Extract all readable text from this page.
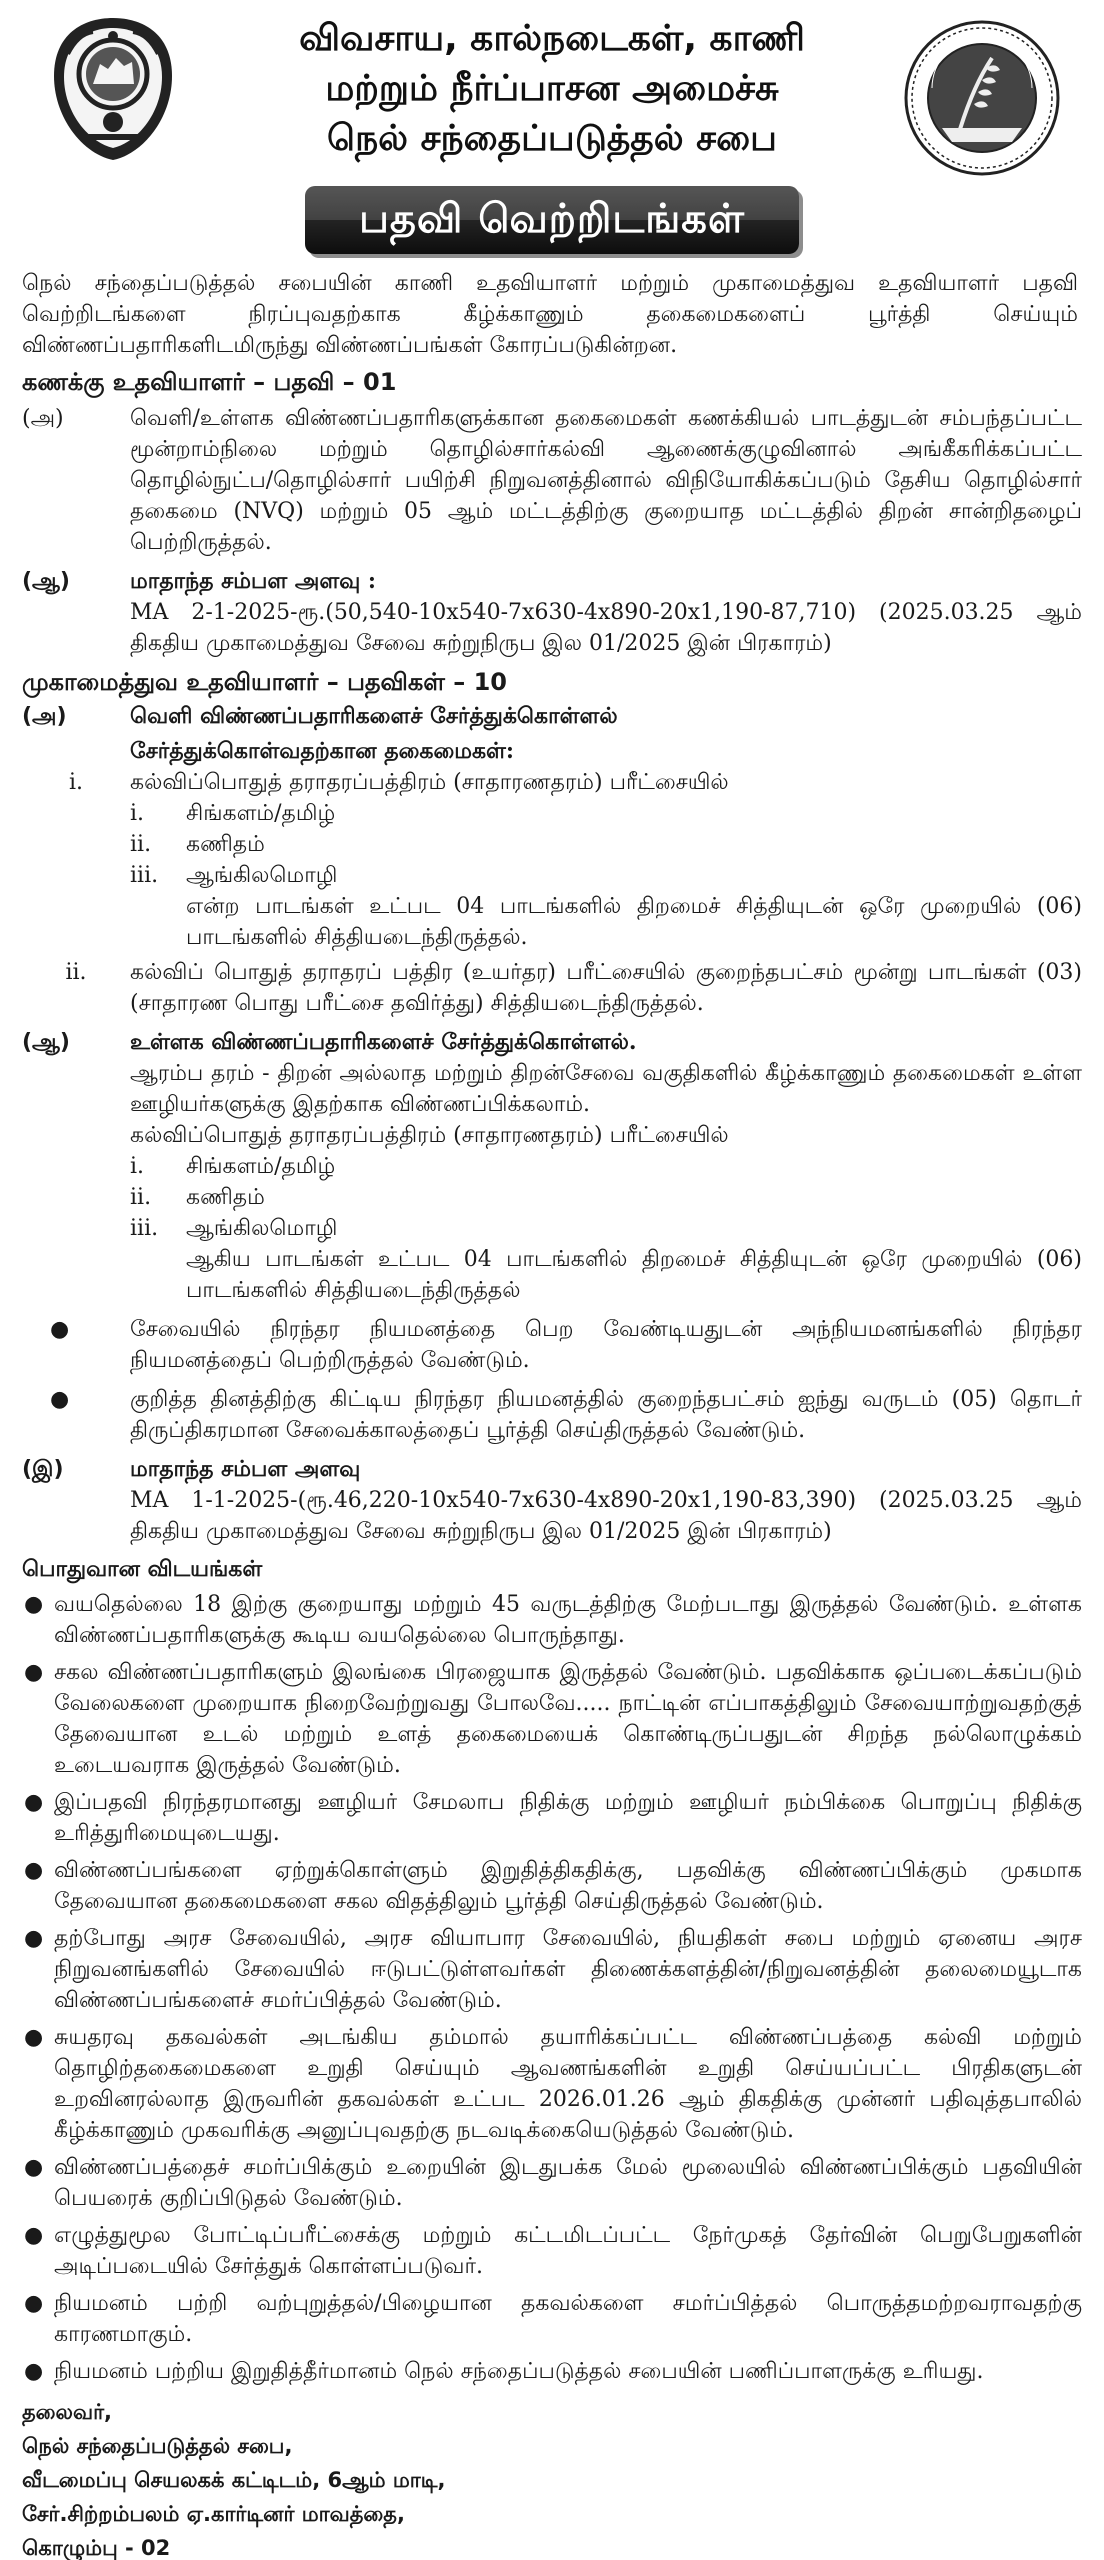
விவசாய, கால்நடைகள், காணி
மற்றும் நீர்ப்பாசன அமைச்சு
நெல் சந்தைப்படுத்தல் சபை
பதவி வெற்றிடங்கள்

நெல் சந்தைப்படுத்தல் சபையின் காணி உதவியாளர் மற்றும் முகாமைத்துவ உதவியாளர் பதவி வெற்றிடங்களை நிரப்புவதற்காக கீழ்க்காணும் தகைமைகளைப் பூர்த்தி செய்யும் விண்ணப்பதாரிகளிடமிருந்து விண்ணப்பங்கள் கோரப்படுகின்றன.

கணக்கு உதவியாளர் – பதவி – 01
(அ)	வெளி/உள்ளக விண்ணப்பதாரிகளுக்கான தகைமைகள் கணக்கியல் பாடத்துடன் சம்பந்தப்பட்ட மூன்றாம்நிலை மற்றும் தொழில்சார்கல்வி ஆணைக்குழுவினால் அங்கீகரிக்கப்பட்ட தொழில்நுட்ப/தொழில்சார் பயிற்சி நிறுவனத்தினால் விநியோகிக்கப்படும் தேசிய தொழில்சார் தகைமை (NVQ) மற்றும் 05 ஆம் மட்டத்திற்கு குறையாத மட்டத்தில் திறன் சான்றிதழைப் பெற்றிருத்தல்.

(ஆ)	மாதாந்த சம்பள அளவு :

MA 2-1-2025-ரூ.(50,540-10x540-7x630-4x890-20x1,190-87,710) (2025.03.25 ஆம் திகதிய முகாமைத்துவ சேவை சுற்றுநிருப இல 01/2025 இன் பிரகாரம்)

முகாமைத்துவ உதவியாளர் – பதவிகள் – 10
(அ)	வெளி விண்ணப்பதாரிகளைச் சேர்த்துக்கொள்ளல்
சேர்த்துக்கொள்வதற்கான தகைமைகள்:
i.	கல்விப்பொதுத் தராதரப்பத்திரம் (சாதாரணதரம்) பரீட்சையில்

i.	சிங்களம்/தமிழ்
ii.	கணிதம்
iii.	ஆங்கிலமொழி

என்ற பாடங்கள் உட்பட 04 பாடங்களில் திறமைச் சித்தியுடன் ஒரே முறையில் (06) பாடங்களில் சித்தியடைந்திருத்தல்.

ii.	கல்விப் பொதுத் தராதரப் பத்திர (உயர்தர) பரீட்சையில் குறைந்தபட்சம் மூன்று பாடங்கள் (03) (சாதாரண பொது பரீட்சை தவிர்த்து) சித்தியடைந்திருத்தல்.

(ஆ)	உள்ளக விண்ணப்பதாரிகளைச் சேர்த்துக்கொள்ளல்.

ஆரம்ப தரம் - திறன் அல்லாத மற்றும் திறன்சேவை வகுதிகளில் கீழ்க்காணும் தகைமைகள் உள்ள ஊழியர்களுக்கு இதற்காக விண்ணப்பிக்கலாம்.

கல்விப்பொதுத் தராதரப்பத்திரம் (சாதாரணதரம்) பரீட்சையில்

i.	சிங்களம்/தமிழ்
ii.	கணிதம்
iii.	ஆங்கிலமொழி

ஆகிய பாடங்கள் உட்பட 04 பாடங்களில் திறமைச் சித்தியுடன் ஒரே முறையில் (06) பாடங்களில் சித்தியடைந்திருத்தல்

●	சேவையில் நிரந்தர நியமனத்தை பெற வேண்டியதுடன் அந்நியமனங்களில் நிரந்தர நியமனத்தைப் பெற்றிருத்தல் வேண்டும்.

●	குறித்த தினத்திற்கு கிட்டிய நிரந்தர நியமனத்தில் குறைந்தபட்சம் ஐந்து வருடம் (05) தொடர் திருப்திகரமான சேவைக்காலத்தைப் பூர்த்தி செய்திருத்தல் வேண்டும்.

(இ)	மாதாந்த சம்பள அளவு

MA 1-1-2025-(ரூ.46,220-10x540-7x630-4x890-20x1,190-83,390) (2025.03.25 ஆம் திகதிய முகாமைத்துவ சேவை சுற்றுநிருப இல 01/2025 இன் பிரகாரம்)

பொதுவான விடயங்கள்
● வயதெல்லை 18 இற்கு குறையாது மற்றும் 45 வருடத்திற்கு மேற்படாது இருத்தல் வேண்டும். உள்ளக விண்ணப்பதாரிகளுக்கு கூடிய வயதெல்லை பொருந்தாது.

● சகல விண்ணப்பதாரிகளும் இலங்கை பிரஜையாக இருத்தல் வேண்டும். பதவிக்காக ஒப்படைக்கப்படும் வேலைகளை முறையாக நிறைவேற்றுவது போலவே..... நாட்டின் எப்பாகத்திலும் சேவையாற்றுவதற்குத் தேவையான உடல் மற்றும் உளத் தகைமையைக் கொண்டிருப்பதுடன் சிறந்த நல்லொழுக்கம் உடையவராக இருத்தல் வேண்டும்.

● இப்பதவி நிரந்தரமானது ஊழியர் சேமலாப நிதிக்கு மற்றும் ஊழியர் நம்பிக்கை பொறுப்பு நிதிக்கு உரித்துரிமையுடையது.

● விண்ணப்பங்களை ஏற்றுக்கொள்ளும் இறுதித்திகதிக்கு, பதவிக்கு விண்ணப்பிக்கும் முகமாக தேவையான தகைமைகளை சகல விதத்திலும் பூர்த்தி செய்திருத்தல் வேண்டும்.

● தற்போது அரச சேவையில், அரச வியாபார சேவையில், நியதிகள் சபை மற்றும் ஏனைய அரச நிறுவனங்களில் சேவையில் ஈடுபட்டுள்ளவர்கள் திணைக்களத்தின்/நிறுவனத்தின் தலைமையூடாக விண்ணப்பங்களைச் சமர்ப்பித்தல் வேண்டும்.

● சுயதரவு தகவல்கள் அடங்கிய தம்மால் தயாரிக்கப்பட்ட விண்ணப்பத்தை கல்வி மற்றும் தொழிற்தகைமைகளை உறுதி செய்யும் ஆவணங்களின் உறுதி செய்யப்பட்ட பிரதிகளுடன் உறவினரல்லாத இருவரின் தகவல்கள் உட்பட 2026.01.26 ஆம் திகதிக்கு முன்னர் பதிவுத்தபாலில் கீழ்க்காணும் முகவரிக்கு அனுப்புவதற்கு நடவடிக்கையெடுத்தல் வேண்டும்.

● விண்ணப்பத்தைச் சமர்ப்பிக்கும் உறையின் இடதுபக்க மேல் மூலையில் விண்ணப்பிக்கும் பதவியின் பெயரைக் குறிப்பிடுதல் வேண்டும்.

● எழுத்துமூல போட்டிப்பரீட்சைக்கு மற்றும் கட்டமிடப்பட்ட நேர்முகத் தேர்வின் பெறுபேறுகளின் அடிப்படையில் சேர்த்துக் கொள்ளப்படுவர்.

● நியமனம் பற்றி வற்புறுத்தல்/பிழையான தகவல்களை சமர்ப்பித்தல் பொருத்தமற்றவராவதற்கு காரணமாகும்.

● நியமனம் பற்றிய இறுதித்தீர்மானம் நெல் சந்தைப்படுத்தல் சபையின் பணிப்பாளருக்கு உரியது.

தலைவர்,
நெல் சந்தைப்படுத்தல் சபை,
வீடமைப்பு செயலகக் கட்டிடம், 6ஆம் மாடி,
சேர்.சிற்றம்பலம் ஏ.கார்டினர் மாவத்தை,
கொழும்பு - 02
